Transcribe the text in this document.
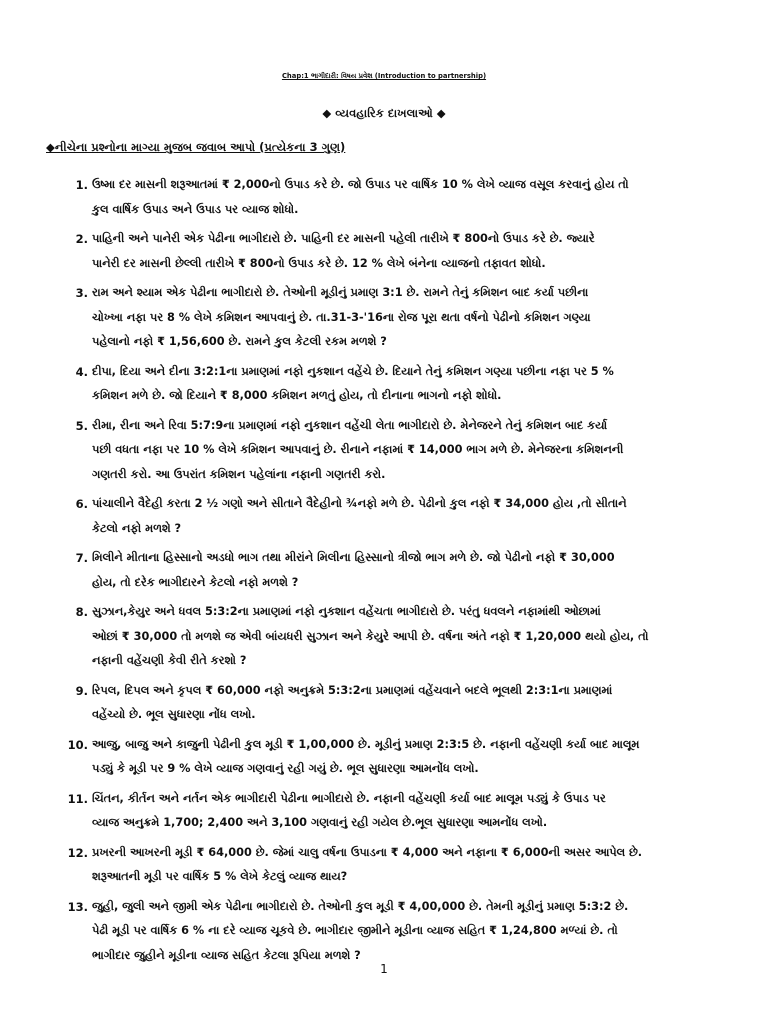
Chap:1 ભાગીદારી: વિષય પ્રવેશ (Introduction to partnership)
◆ વ્યવહારિક દાખલાઓ ◆
◆નીચેના પ્રશ્નોના માગ્યા મુજબ જવાબ આપો (પ્રત્યેકના 3 ગુણ)
1. ઉષ્મા દર માસની શરૂઆતમાં ₹ 2,000નો ઉપાડ કરે છે. જો ઉપાડ પર વાર્ષિક 10 % લેખે વ્યાજ વસૂલ કરવાનું હોય તો
કુલ વાર્ષિક ઉપાડ અને ઉપાડ પર વ્યાજ શોધો.
2. પાહિની અને પાનેરી એક પેઢીના ભાગીદારો છે. પાહિની દર માસની પહેલી તારીખે ₹ 800નો ઉપાડ કરે છે. જ્યારે
પાનેરી દર માસની છેલ્લી તારીખે ₹ 800નો ઉપાડ કરે છે. 12 % લેખે બંનેના વ્યાજનો તફાવત શોધો.
3. રામ અને શ્યામ એક પેઢીના ભાગીદારો છે. તેઓની મૂડીનું પ્રમાણ 3:1 છે. રામને તેનું કમિશન બાદ કર્યા પછીના
ચોખ્ખા નફા પર 8 % લેખે કમિશન આપવાનું છે. તા.31-3-'16ના રોજ પૂરા થતા વર્ષનો પેઢીનો કમિશન ગણ્યા
પહેલાનો નફો ₹ 1,56,600 છે. રામને કુલ કેટલી રકમ મળશે ?
4. દીપા, દિયા અને દીના 3:2:1ના પ્રમાણમાં નફો નુકશાન વહેંચે છે. દિયાને તેનું કમિશન ગણ્યા પછીના નફા પર 5 %
કમિશન મળે છે. જો દિયાને ₹ 8,000 કમિશન મળતું હોય, તો દીનાના ભાગનો નફો શોધો.
5. રીમા, રીના અને રિવા 5:7:9ના પ્રમાણમાં નફો નુકશાન વહેંચી લેતા ભાગીદારો છે. મેનેજરને તેનું કમિશન બાદ કર્યા
પછી વધતા નફા પર 10 % લેખે કમિશન આપવાનું છે. રીનાને નફામાં ₹ 14,000 ભાગ મળે છે. મેનેજરના કમિશનની
ગણતરી કરો. આ ઉપરાંત કમિશન પહેલાંના નફાની ગણતરી કરો.
6. પાંચાલીને વૈદેહી કરતા 2 ½ ગણો અને સીતાને વૈદેહીનો ¾નફો મળે છે. પેઢીનો કુલ નફો ₹ 34,000 હોય ,તો સીતાને
કેટલો નફો મળશે ?
7. મિલીને મીતાના હિસ્સાનો અડધો ભાગ તથા મીરાંને મિલીના હિસ્સાનો ત્રીજો ભાગ મળે છે. જો પેઢીનો નફો ₹ 30,000
હોય, તો દરેક ભાગીદારને કેટલો નફો મળશે ?
8. સુઝાન,કેયુર અને ધવલ 5:3:2ના પ્રમાણમાં નફો નુકશાન વહેંચતા ભાગીદારો છે. પરંતુ ધવલને નફામાંથી ઓછામાં
ઓછાં ₹ 30,000 તો મળશે જ એવી બાંયધરી સુઝાન અને કેયુરે આપી છે. વર્ષના અંતે નફો ₹ 1,20,000 થયો હોય, તો
નફાની વહેંચણી કેવી રીતે કરશો ?
9. રિપલ, દિપલ અને કૃપલ ₹ 60,000 નફો અનુક્રમે 5:3:2ના પ્રમાણમાં વહેંચવાને બદલે ભૂલથી 2:3:1ના પ્રમાણમાં
વહેંચ્યો છે. ભૂલ સુધારણા નોંધ લખો.
10. આજુ, બાજુ અને કાજુની પેઢીની કુલ મૂડી ₹ 1,00,000 છે. મૂડીનું પ્રમાણ 2:3:5 છે. નફાની વહેંચણી કર્યા બાદ માલૂમ
પડ્યું કે મૂડી પર 9 % લેખે વ્યાજ ગણવાનું રહી ગયું છે. ભૂલ સુધારણા આમનોંધ લખો.
11. ચિંતન, કીર્તન અને નર્તન એક ભાગીદારી પેઢીના ભાગીદારો છે. નફાની વહેંચણી કર્યા બાદ માલૂમ પડ્યું કે ઉપાડ પર
વ્યાજ અનુક્રમે 1,700; 2,400 અને 3,100 ગણવાનું રહી ગયેલ છે.ભૂલ સુધારણા આમનોંધ લખો.
12. પ્રખરની આખરની મૂડી ₹ 64,000 છે. જેમાં ચાલુ વર્ષના ઉપાડના ₹ 4,000 અને નફાના ₹ 6,000ની અસર આપેલ છે.
શરૂઆતની મૂડી પર વાર્ષિક 5 % લેખે કેટલું વ્યાજ થાય?
13. જુહી, જુલી અને જીમી એક પેઢીના ભાગીદારો છે. તેઓની કુલ મૂડી ₹ 4,00,000 છે. તેમની મૂડીનું પ્રમાણ 5:3:2 છે.
પેઢી મૂડી પર વાર્ષિક 6 % ના દરે વ્યાજ ચૂકવે છે. ભાગીદાર જીમીને મૂડીના વ્યાજ સહિત ₹ 1,24,800 મળ્યાં છે. તો
ભાગીદાર જુહીને મૂડીના વ્યાજ સહિત કેટલા રૂપિયા મળશે ?
1
